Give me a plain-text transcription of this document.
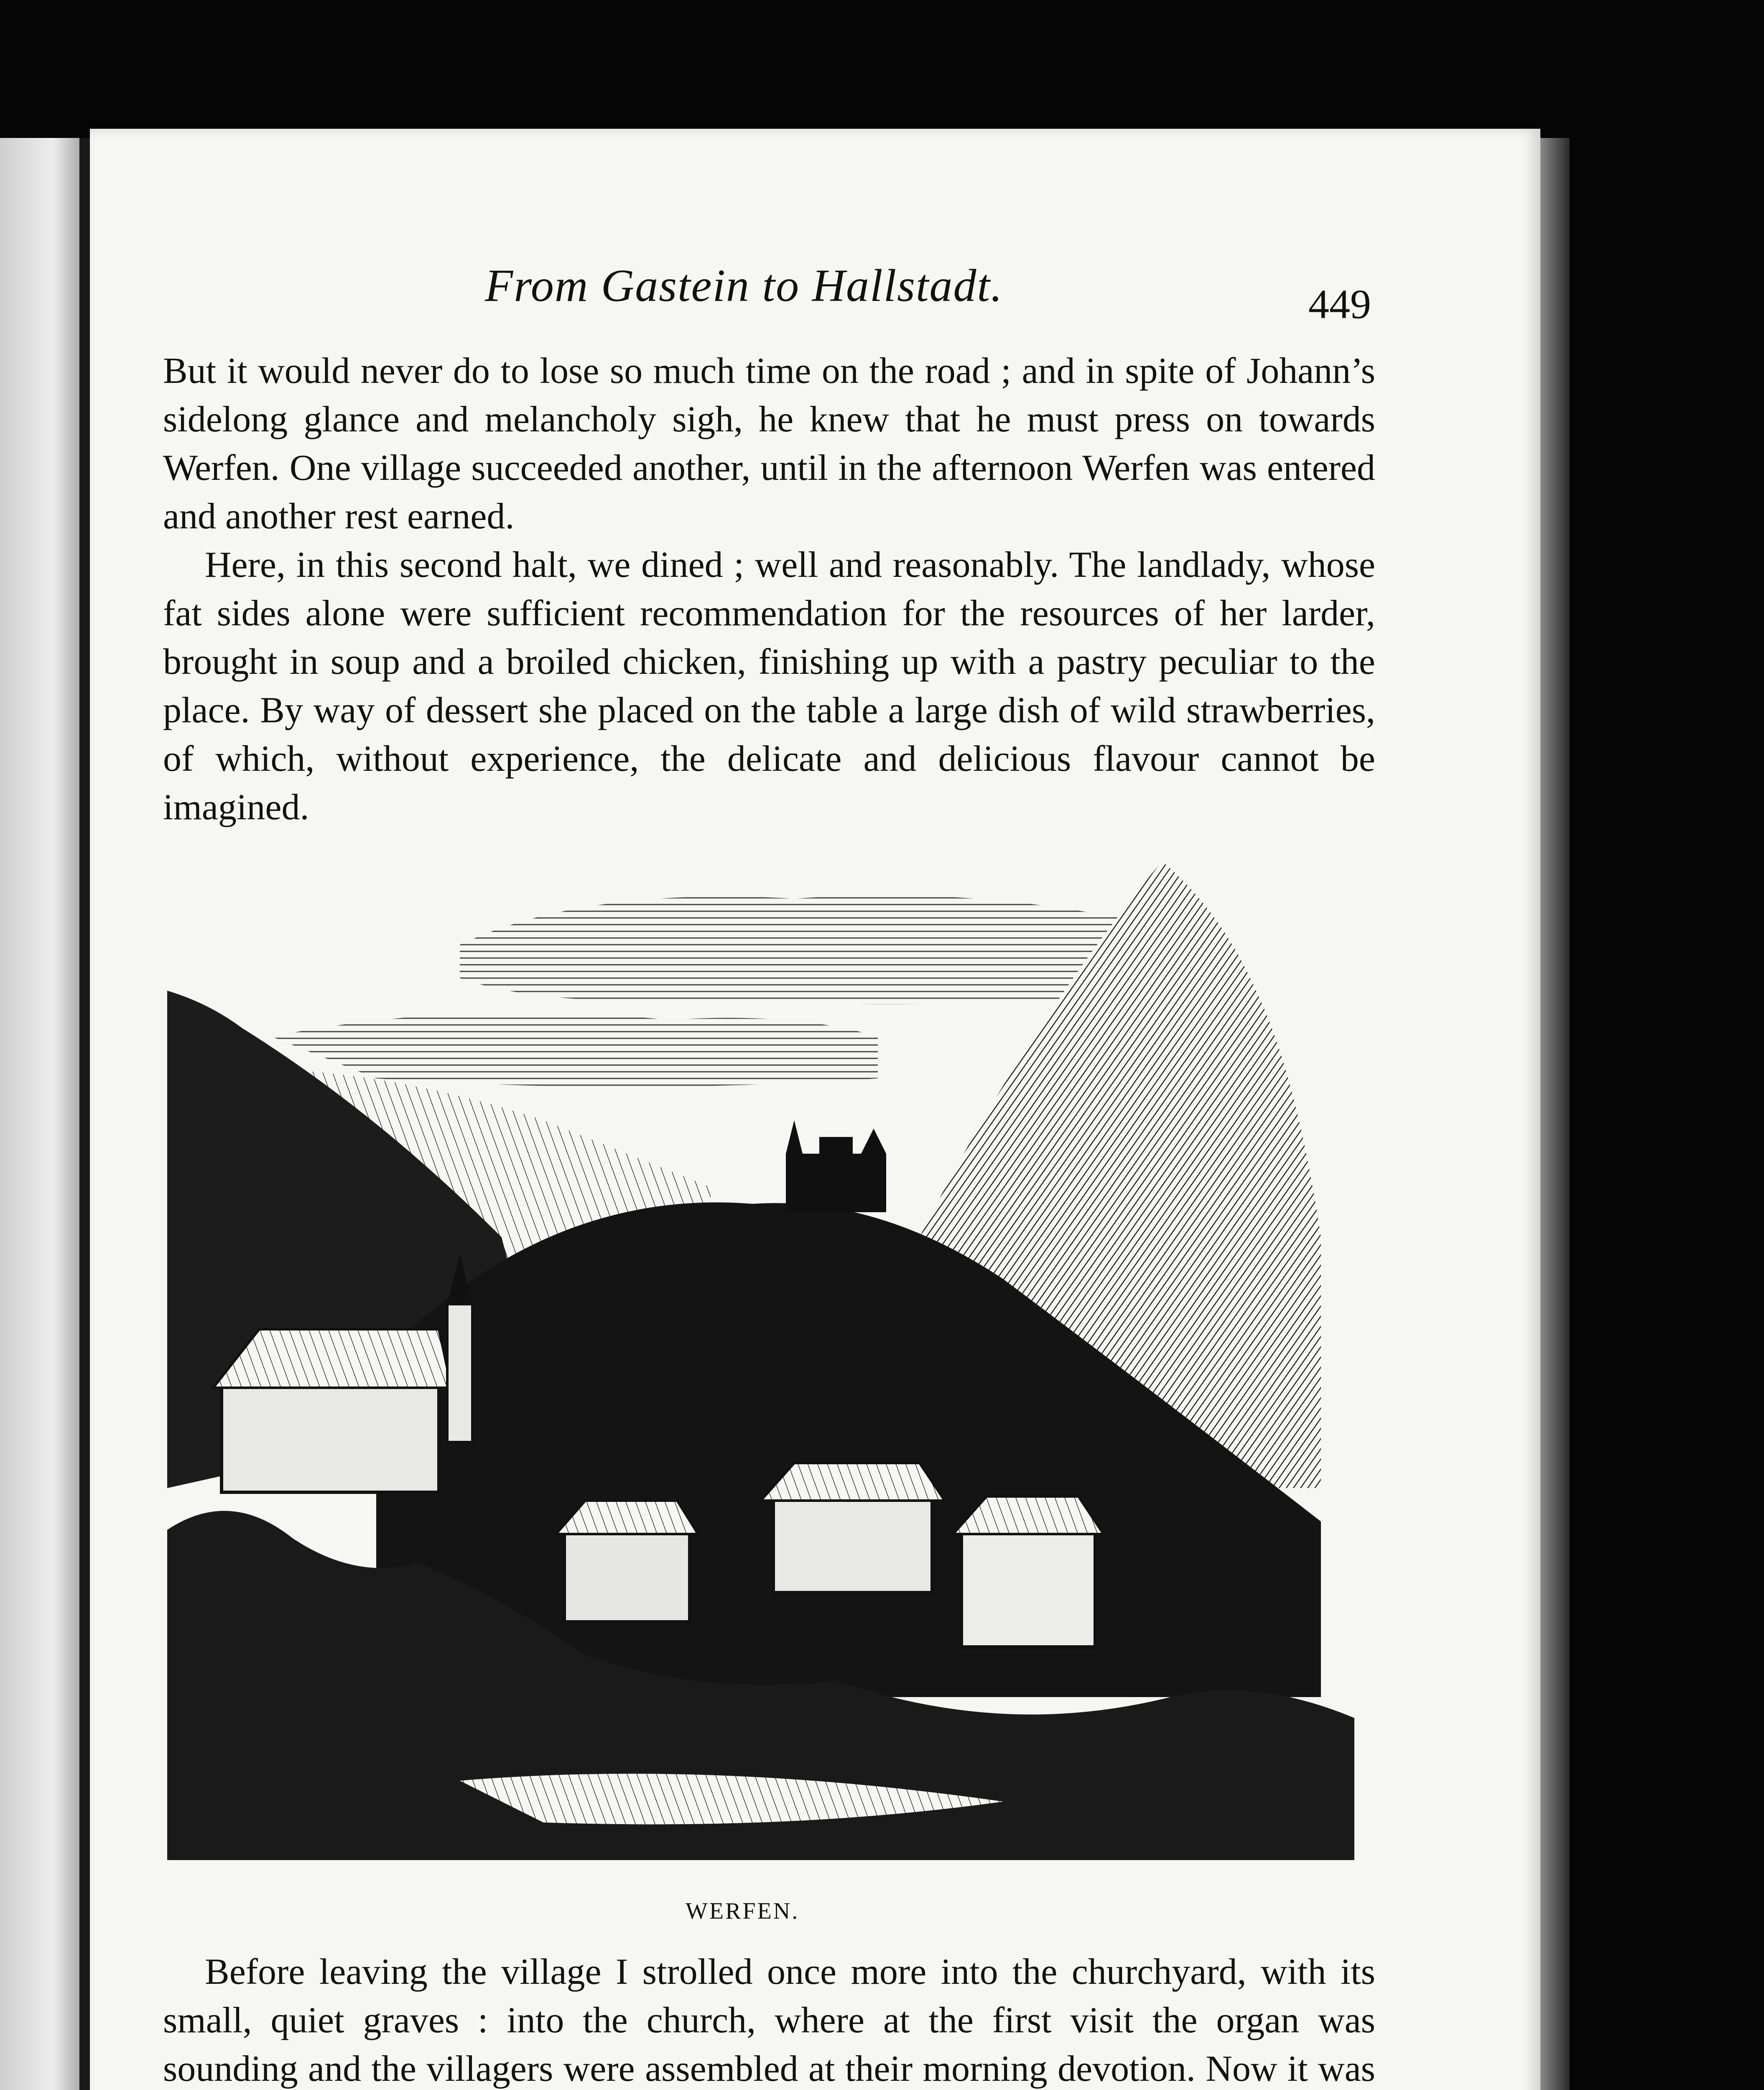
From Gastein to Hallstadt.	449

But it would never do to lose so much time on the road ; and in spite of Johann’s sidelong glance and melancholy sigh, he knew that he must press on towards Werfen. One village succeeded another, until in the afternoon Werfen was entered and another rest earned.

Here, in this second halt, we dined ; well and reasonably. The landlady, whose fat sides alone were sufficient recommendation for the resources of her larder, brought in soup and a broiled chicken, finishing up with a pastry peculiar to the place. By way of dessert she placed on the table a large dish of wild strawberries, of which, without experience, the delicate and delicious flavour cannot be imagined.

WERFEN.

Before leaving the village I strolled once more into the churchyard, with its small, quiet graves : into the church, where at the first visit the organ was sounding and the villagers were assembled at their morning devotion. Now it was
